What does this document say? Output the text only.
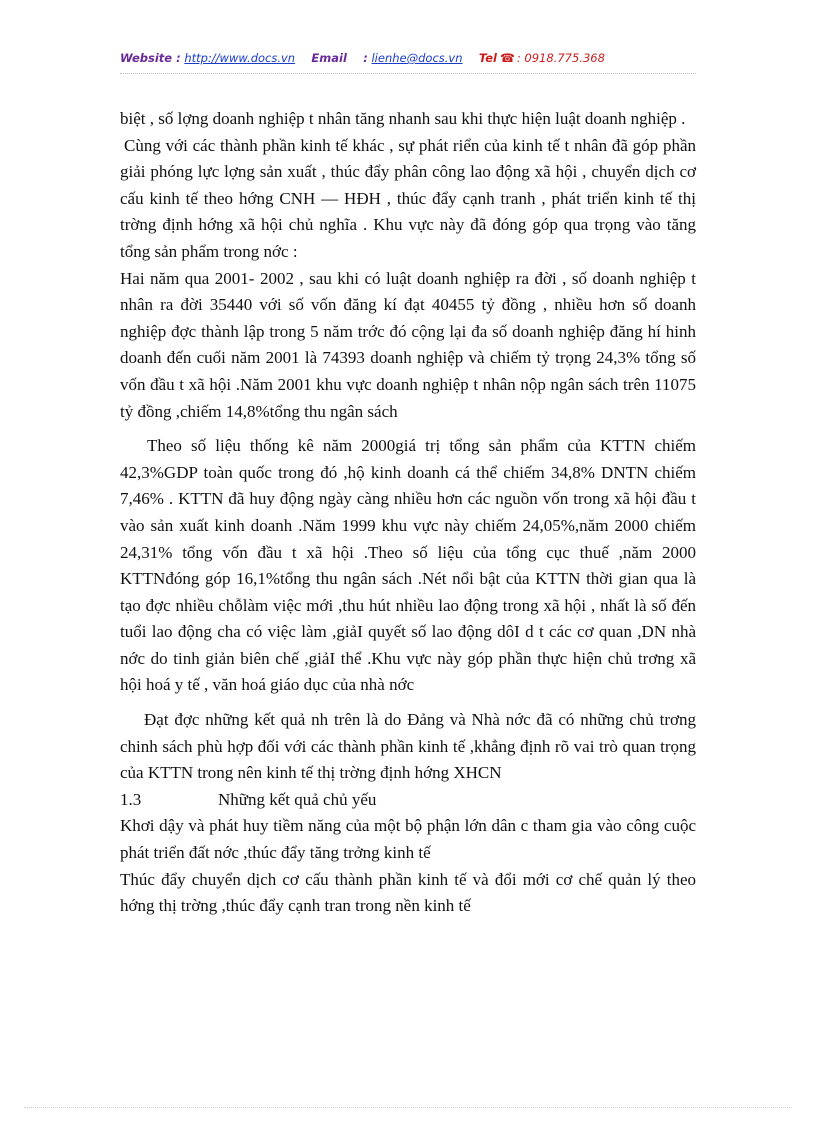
Website : http://www.docs.vn Email : lienhe@docs.vn Tel ☎ : 0918.775.368

biệt , số lợng doanh nghiệp t nhân tăng nhanh sau khi thực hiện luật doanh nghiệp .

Cùng với các thành phần kinh tế khác , sự phát riển của kinh tế t nhân đã góp phần giải phóng lực lợng sản xuất , thúc đẩy phân công lao động xã hội , chuyển dịch cơ cấu kinh tế theo hớng CNH — HĐH , thúc đẩy cạnh tranh , phát triển kinh tế thị trờng định hớng xã hội chủ nghĩa . Khu vực này đã đóng góp qua trọng vào tăng tổng sản phẩm trong nớc :

Hai năm qua 2001- 2002 , sau khi có luật doanh nghiệp ra đời , số doanh nghiệp t nhân ra đời 35440 với số vốn đăng kí đạt 40455 tỷ đồng , nhiều hơn số doanh nghiệp đợc thành lập trong 5 năm trớc đó cộng lại đa số doanh nghiệp đăng hí hinh doanh đến cuối năm 2001 là 74393 doanh nghiệp và chiếm tỷ trọng 24,3% tổng số vốn đầu t xã hội .Năm 2001 khu vực doanh nghiệp t nhân nộp ngân sách trên 11075 tỷ đồng ,chiếm 14,8%tổng thu ngân sách

Theo số liệu thống kê năm 2000giá trị tổng sản phẩm của KTTN chiếm 42,3%GDP toàn quốc trong đó ,hộ kinh doanh cá thể chiếm 34,8% DNTN chiếm 7,46% . KTTN đã huy động ngày càng nhiều hơn các nguồn vốn trong xã hội đầu t vào sản xuất kinh doanh .Năm 1999 khu vực này chiếm 24,05%,năm 2000 chiếm 24,31% tổng vốn đầu t xã hội .Theo số liệu của tổng cục thuế ,năm 2000 KTTNđóng góp 16,1%tổng thu ngân sách .Nét nổi bật của KTTN thời gian qua là tạo đợc nhiều chỗlàm việc mới ,thu hút nhiều lao động trong xã hội , nhất là số đến tuổi lao động cha có việc làm ,giảI quyết số lao động dôI d t các cơ quan ,DN nhà nớc do tinh giản biên chế ,giảI thể .Khu vực này góp phần thực hiện chủ trơng xã hội hoá y tế , văn hoá giáo dục của nhà nớc

Đạt đợc những kết quả nh trên là do Đảng và Nhà nớc đã có những chủ trơng chinh sách phù hợp đối với các thành phần kinh tế ,khẳng định rõ vai trò quan trọng của KTTN trong nên kinh tế thị trờng định hớng XHCN

1.3	Những kết quả chủ yếu

Khơi dậy và phát huy tiềm năng của một bộ phận lớn dân c tham gia vào công cuộc phát triển đất nớc ,thúc đẩy tăng trởng kinh tế

Thúc đẩy chuyển dịch cơ cấu thành phần kinh tế và đổi mới cơ chế quản lý theo hớng thị trờng ,thúc đẩy cạnh tran trong nền kinh tế
